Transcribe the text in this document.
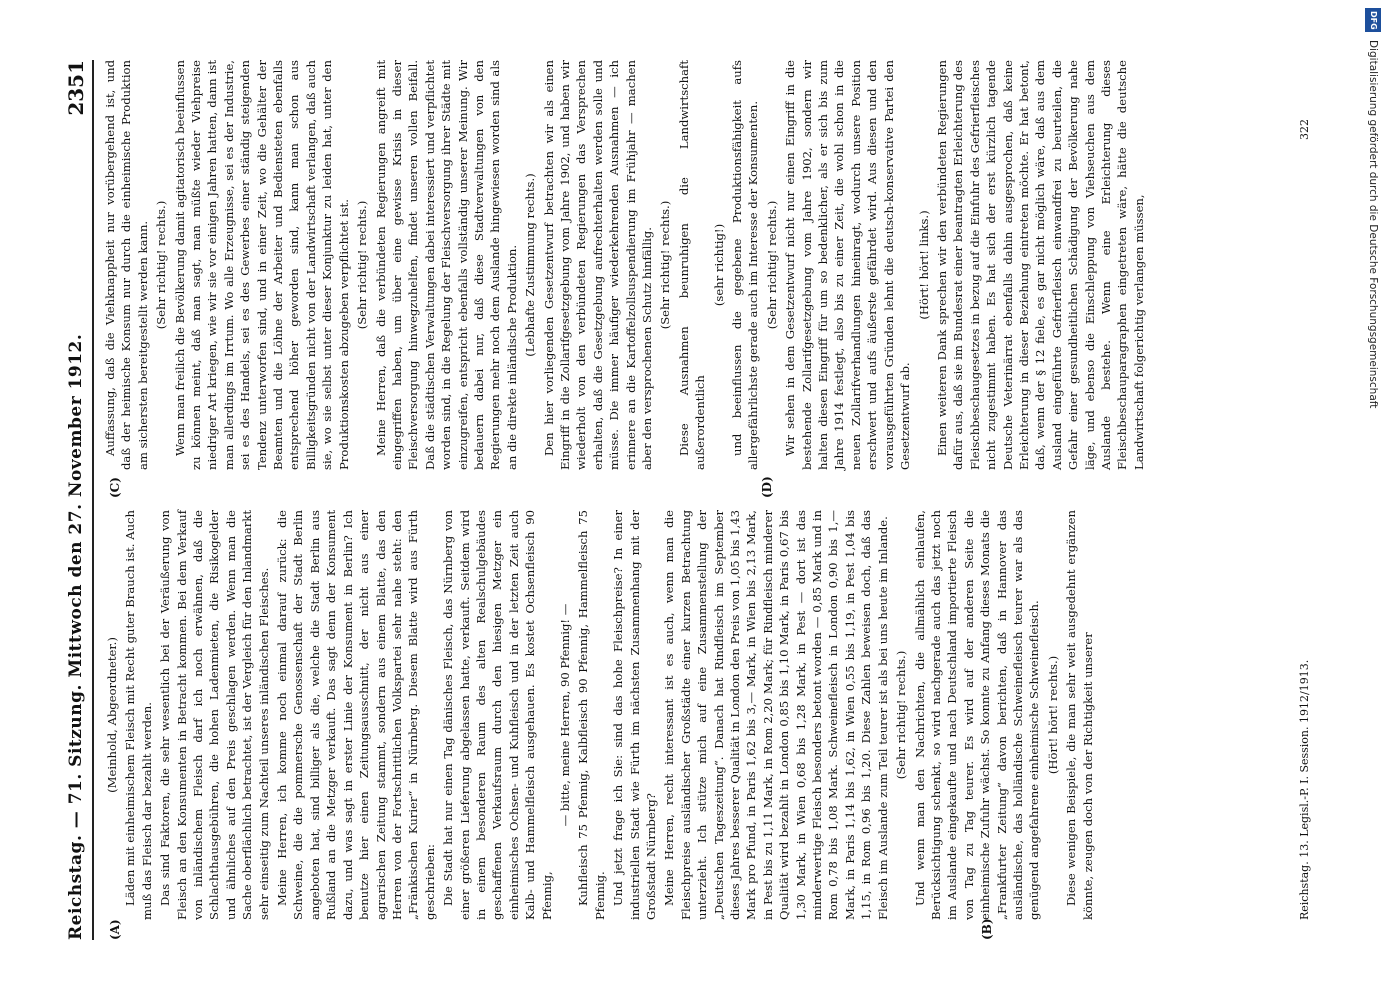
Reichstag. — 71. Sitzung. Mittwoch den 27. November 1912.
2351
(A)	(B)
(C)	(D)

(Meinhold, Abgeordneter.) Läden mit einheimischem Fleisch mit Recht guter Brauch ist. Auch muß das Fleisch dar bezahlt werden. Das sind Faktoren, die sehr wesentlich bei der Veräußerung von Fleisch an den Konsumenten in Betracht kommen. Bei dem Verkauf von inländischem Fleisch darf ich noch erwähnen, daß die Schlachthausgebühren, die hohen Ladenmieten, die Risikogelder und ähnliches auf den Preis geschlagen werden. Wenn man die Sache oberflächlich betrachtet, ist der Vergleich für den Inlandmarkt sehr einseitig zum Nachteil unseres inländischen Fleisches. Meine Herren, ich komme noch einmal darauf zurück: die Schweine, die die pommersche Genossenschaft der Stadt Berlin angeboten hat, sind billiger als die, welche die Stadt Berlin aus Rußland an die Metzger verkauft. Das sagt denn der Konsument dazu, und was sagt in erster Linie der Konsument in Berlin? Ich benutze hier einen Zeitungsausschnitt, der nicht aus einer agrarischen Zeitung stammt, sondern aus einem Blatte, das den Herren von der Fortschrittlichen Volkspartei sehr nahe steht: den „Fränkischen Kurier“ in Nürnberg. Diesem Blatte wird aus Fürth geschrieben: Die Stadt hat nur einen Tag dänisches Fleisch, das Nürnberg von einer größeren Lieferung abgelassen hatte, verkauft. Seitdem wird in einem besonderen Raum des alten Realschulgebäudes geschaffenen Verkaufsraum durch den hiesigen Metzger ein einheimisches Ochsen- und Kuhfleisch und in der letzten Zeit auch Kalb- und Hammelfleisch ausgehauen. Es kostet Ochsenfleisch 90 Pfennig,

— bitte, meine Herren, 90 Pfennig! — Kuhfleisch 75 Pfennig, Kalbfleisch 90 Pfennig, Hammelfleisch 75 Pfennig. Und jetzt frage ich Sie: sind das hohe Fleischpreise? In einer industriellen Stadt wie Fürth im nächsten Zusammenhang mit der Großstadt Nürnberg? Meine Herren, recht interessant ist es auch, wenn man die Fleischpreise ausländischer Großstädte einer kurzen Betrachtung unterzieht. Ich stütze mich auf eine Zusammenstellung der „Deutschen Tageszeitung“. Danach hat Rindfleisch im September dieses Jahres besserer Qualität in London den Preis von 1,05 bis 1,43 Mark pro Pfund, in Paris 1,62 bis 3,— Mark, in Wien bis 2,13 Mark, in Pest bis zu 1,11 Mark, in Rom 2,20 Mark; für Rindfleisch minderer Qualität wird bezahlt in London 0,85 bis 1,10 Mark, in Paris 0,67 bis 1,30 Mark, in Wien 0,68 bis 1,28 Mark, in Pest — dort ist das minderwertige Fleisch besonders betont worden — 0,85 Mark und in Rom 0,78 bis 1,08 Mark. Schweinefleisch in London 0,90 bis 1,— Mark, in Paris 1,14 bis 1,62, in Wien 0,55 bis 1,19, in Pest 1,04 bis 1,15, in Rom 0,96 bis 1,20. Diese Zahlen beweisen doch, daß das Fleisch im Auslande zum Teil teurer ist als bei uns heute im Inlande. (Sehr richtig! rechts.) Und wenn man den Nachrichten, die allmählich einlaufen, Berücksichtigung schenkt, so wird nachgerade auch das jetzt noch im Auslande eingekaufte und nach Deutschland importierte Fleisch von Tag zu Tag teurer. Es wird auf der anderen Seite die einheimische Zufuhr wächst. So konnte zu Anfang dieses Monats die „Frankfurter Zeitung“ davon berichten, daß in Hannover das ausländische, das holländische Schweinefleisch teurer war als das genügend angefahrene einheimische Schweinefleisch. (Hört! hört! rechts.) Diese wenigen Beispiele, die man sehr weit ausgedehnt ergänzen könnte, zeugen doch von der Richtigkeit unserer

Auffassung, daß die Viehknappheit nur vorübergehend ist, und daß der heimische Konsum nur durch die einheimische Produktion am sichersten bereitgestellt werden kann. (Sehr richtig! rechts.) Wenn man freilich die Bevölkerung damit agitatorisch beeinflussen zu können meint, daß man sagt, man müßte wieder Viehpreise niedriger Art kriegen, wie wir sie vor einigen Jahren hatten, dann ist man allerdings im Irrtum. Wo alle Erzeugnisse, sei es der Industrie, sei es des Handels, sei es des Gewerbes einer ständig steigenden Tendenz unterworfen sind, und in einer Zeit, wo die Gehälter der Beamten und die Löhne der Arbeiter und Bediensteten ebenfalls entsprechend höher geworden sind, kann man schon aus Billigkeitsgründen nicht von der Landwirtschaft verlangen, daß auch sie, wo sie selbst unter dieser Konjunktur zu leiden hat, unter den Produktionskosten abzugeben verpflichtet ist. (Sehr richtig! rechts.) Meine Herren, daß die verbündeten Regierungen angreift mit eingegriffen haben, um über eine gewisse Krisis in dieser Fleischversorgung hinwegzuhelfen, findet unseren vollen Beifall. Daß die städtischen Verwaltungen dabei interessiert und verpflichtet worden sind, in die Regelung der Fleischversorgung ihrer Städte mit einzugreifen, entspricht ebenfalls vollständig unserer Meinung. Wir bedauern dabei nur, daß diese Stadtverwaltungen von den Regierungen mehr noch dem Auslande hingewiesen worden sind als an die direkte inländische Produktion. (Lebhafte Zustimmung rechts.) Den hier vorliegenden Gesetzentwurf betrachten wir als einen Eingriff in die Zollarifgesetzgebung vom Jahre 1902, und haben wir wiederholt von den verbündeten Regierungen das Versprechen erhalten, daß die Gesetzgebung aufrechterhalten werden solle und müsse. Die immer häufiger wiederkehrenden Ausnahmen — ich erinnere an die Kartoffelzollsuspendierung im Frühjahr — machen aber den versprochenen Schutz hinfällig. (Sehr richtig! rechts.) Diese Ausnahmen beunruhigen die Landwirtschaft außerordentlich

(sehr richtig!) und beeinflussen die gegebene Produktionsfähigkeit aufs allergefährlichste gerade auch im Interesse der Konsumenten. (Sehr richtig! rechts.) Wir sehen in dem Gesetzentwurf nicht nur einen Eingriff in die bestehende Zollarifgesetzgebung vom Jahre 1902, sondern wir halten diesen Eingriff für um so bedenklicher, als er sich bis zum Jahre 1914 festlegt, also bis zu einer Zeit, die wohl schon in die neuen Zollarifverhandlungen hineinragt, wodurch unsere Position erschwert und aufs äußerste gefährdet wird. Aus diesen und den vorausgeführten Gründen lehnt die deutsch-konservative Partei den Gesetzentwurf ab.

(Hört! hört! links.) Einen weiteren Dank sprechen wir den verbündeten Regierungen dafür aus, daß sie im Bundesrat einer beantragten Erleichterung des Fleischbeschaugesetzes in bezug auf die Einfuhr des Gefrierfleisches nicht zugestimmt haben. Es hat sich der erst kürzlich tagende Deutsche Veterinärrat ebenfalls dahin ausgesprochen, daß keine Erleichterung in dieser Beziehung eintreten möchte. Er hat betont, daß, wenn der § 12 fiele, es gar nicht möglich wäre, daß aus dem Ausland eingeführte Gefrierfleisch einwandfrei zu beurteilen, die Gefahr einer gesundheitlichen Schädigung der Bevölkerung nahe läge, und ebenso die Einschleppung von Viehseuchen aus dem Auslande bestehe. Wenn eine Erleichterung dieses Fleischbeschauparagraphen eingetreten wäre, hätte die deutsche Landwirtschaft folgerichtig verlangen müssen,

Reichstag. 13. Legisl.-P. I. Session. 1912/1913.
322
DFG
Digitalisierung gefördert durch die Deutsche Forschungsgemeinschaft
